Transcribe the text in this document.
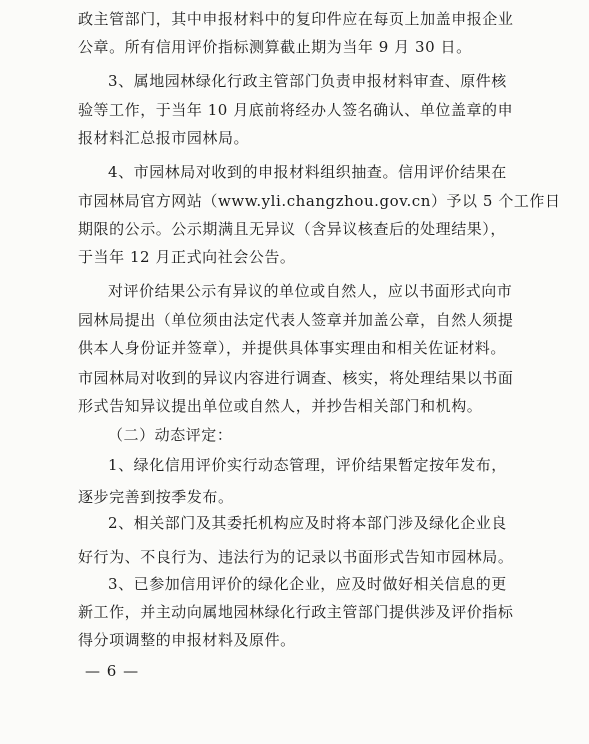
政主管部门，其中申报材料中的复印件应在每页上加盖申报企业
公章。所有信用评价指标测算截止期为当年 9 月 30 日。
3、属地园林绿化行政主管部门负责申报材料审查、原件核
验等工作，于当年 10 月底前将经办人签名确认、单位盖章的申
报材料汇总报市园林局。
4、市园林局对收到的申报材料组织抽查。信用评价结果在
市园林局官方网站（www.yli.changzhou.gov.cn）予以 5 个工作日
期限的公示。公示期满且无异议（含异议核查后的处理结果），
于当年 12 月正式向社会公告。
对评价结果公示有异议的单位或自然人，应以书面形式向市
园林局提出（单位须由法定代表人签章并加盖公章，自然人须提
供本人身份证并签章），并提供具体事实理由和相关佐证材料。
市园林局对收到的异议内容进行调查、核实，将处理结果以书面
形式告知异议提出单位或自然人，并抄告相关部门和机构。
（二）动态评定：
1、绿化信用评价实行动态管理，评价结果暂定按年发布，
逐步完善到按季发布。
2、相关部门及其委托机构应及时将本部门涉及绿化企业良
好行为、不良行为、违法行为的记录以书面形式告知市园林局。
3、已参加信用评价的绿化企业，应及时做好相关信息的更
新工作，并主动向属地园林绿化行政主管部门提供涉及评价指标
得分项调整的申报材料及原件。
— 6 —
